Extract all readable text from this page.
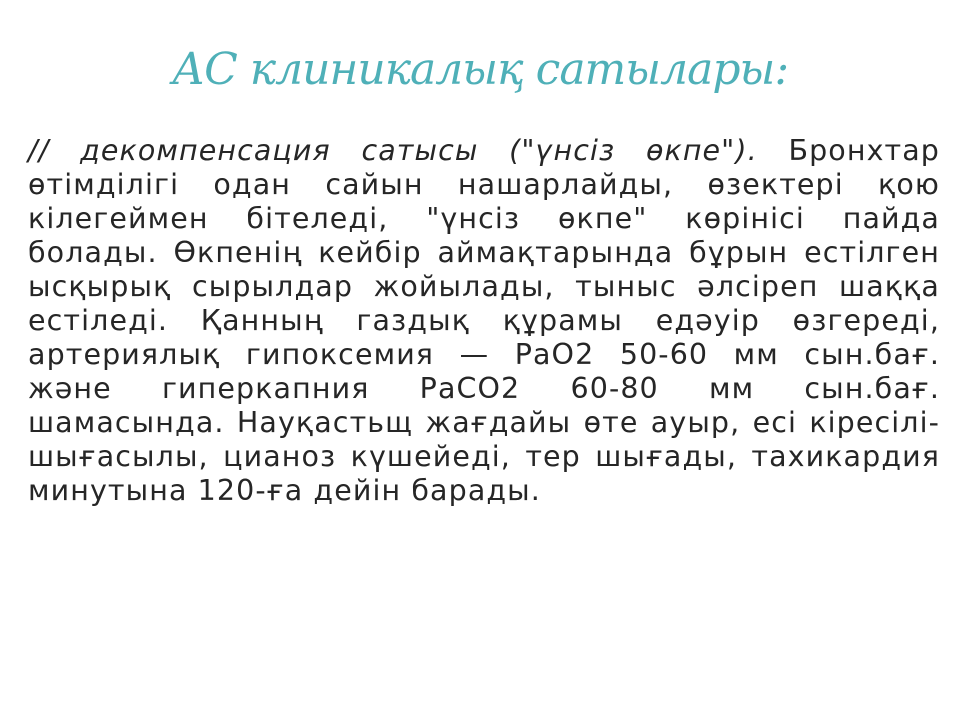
АС клиникалық сатылары:

// декомпенсация сатысы ("үнсіз өкпе"). Бронхтар өтімділігі одан сайын нашарлайды, өзектері қою кілегеймен бітеледі, "үнсіз өкпе" көрінісі пайда болады. Өкпенің кейбір аймақтарында бұрын естілген ысқырық сырылдар жойылады, тыныс әлсіреп шаққа естіледі. Қанның газдық құрамы едәуір өзгереді, артериялық гипоксемия — РаО2 50-60 мм сын.бағ. және гиперкапния РаСО2 60-80 мм сын.бағ. шамасында. Науқастьщ жағдайы өте ауыр, есі кіресілі-шығасылы, цианоз күшейеді, тер шығады, тахикардия минутына 120-ға дейін барады.
